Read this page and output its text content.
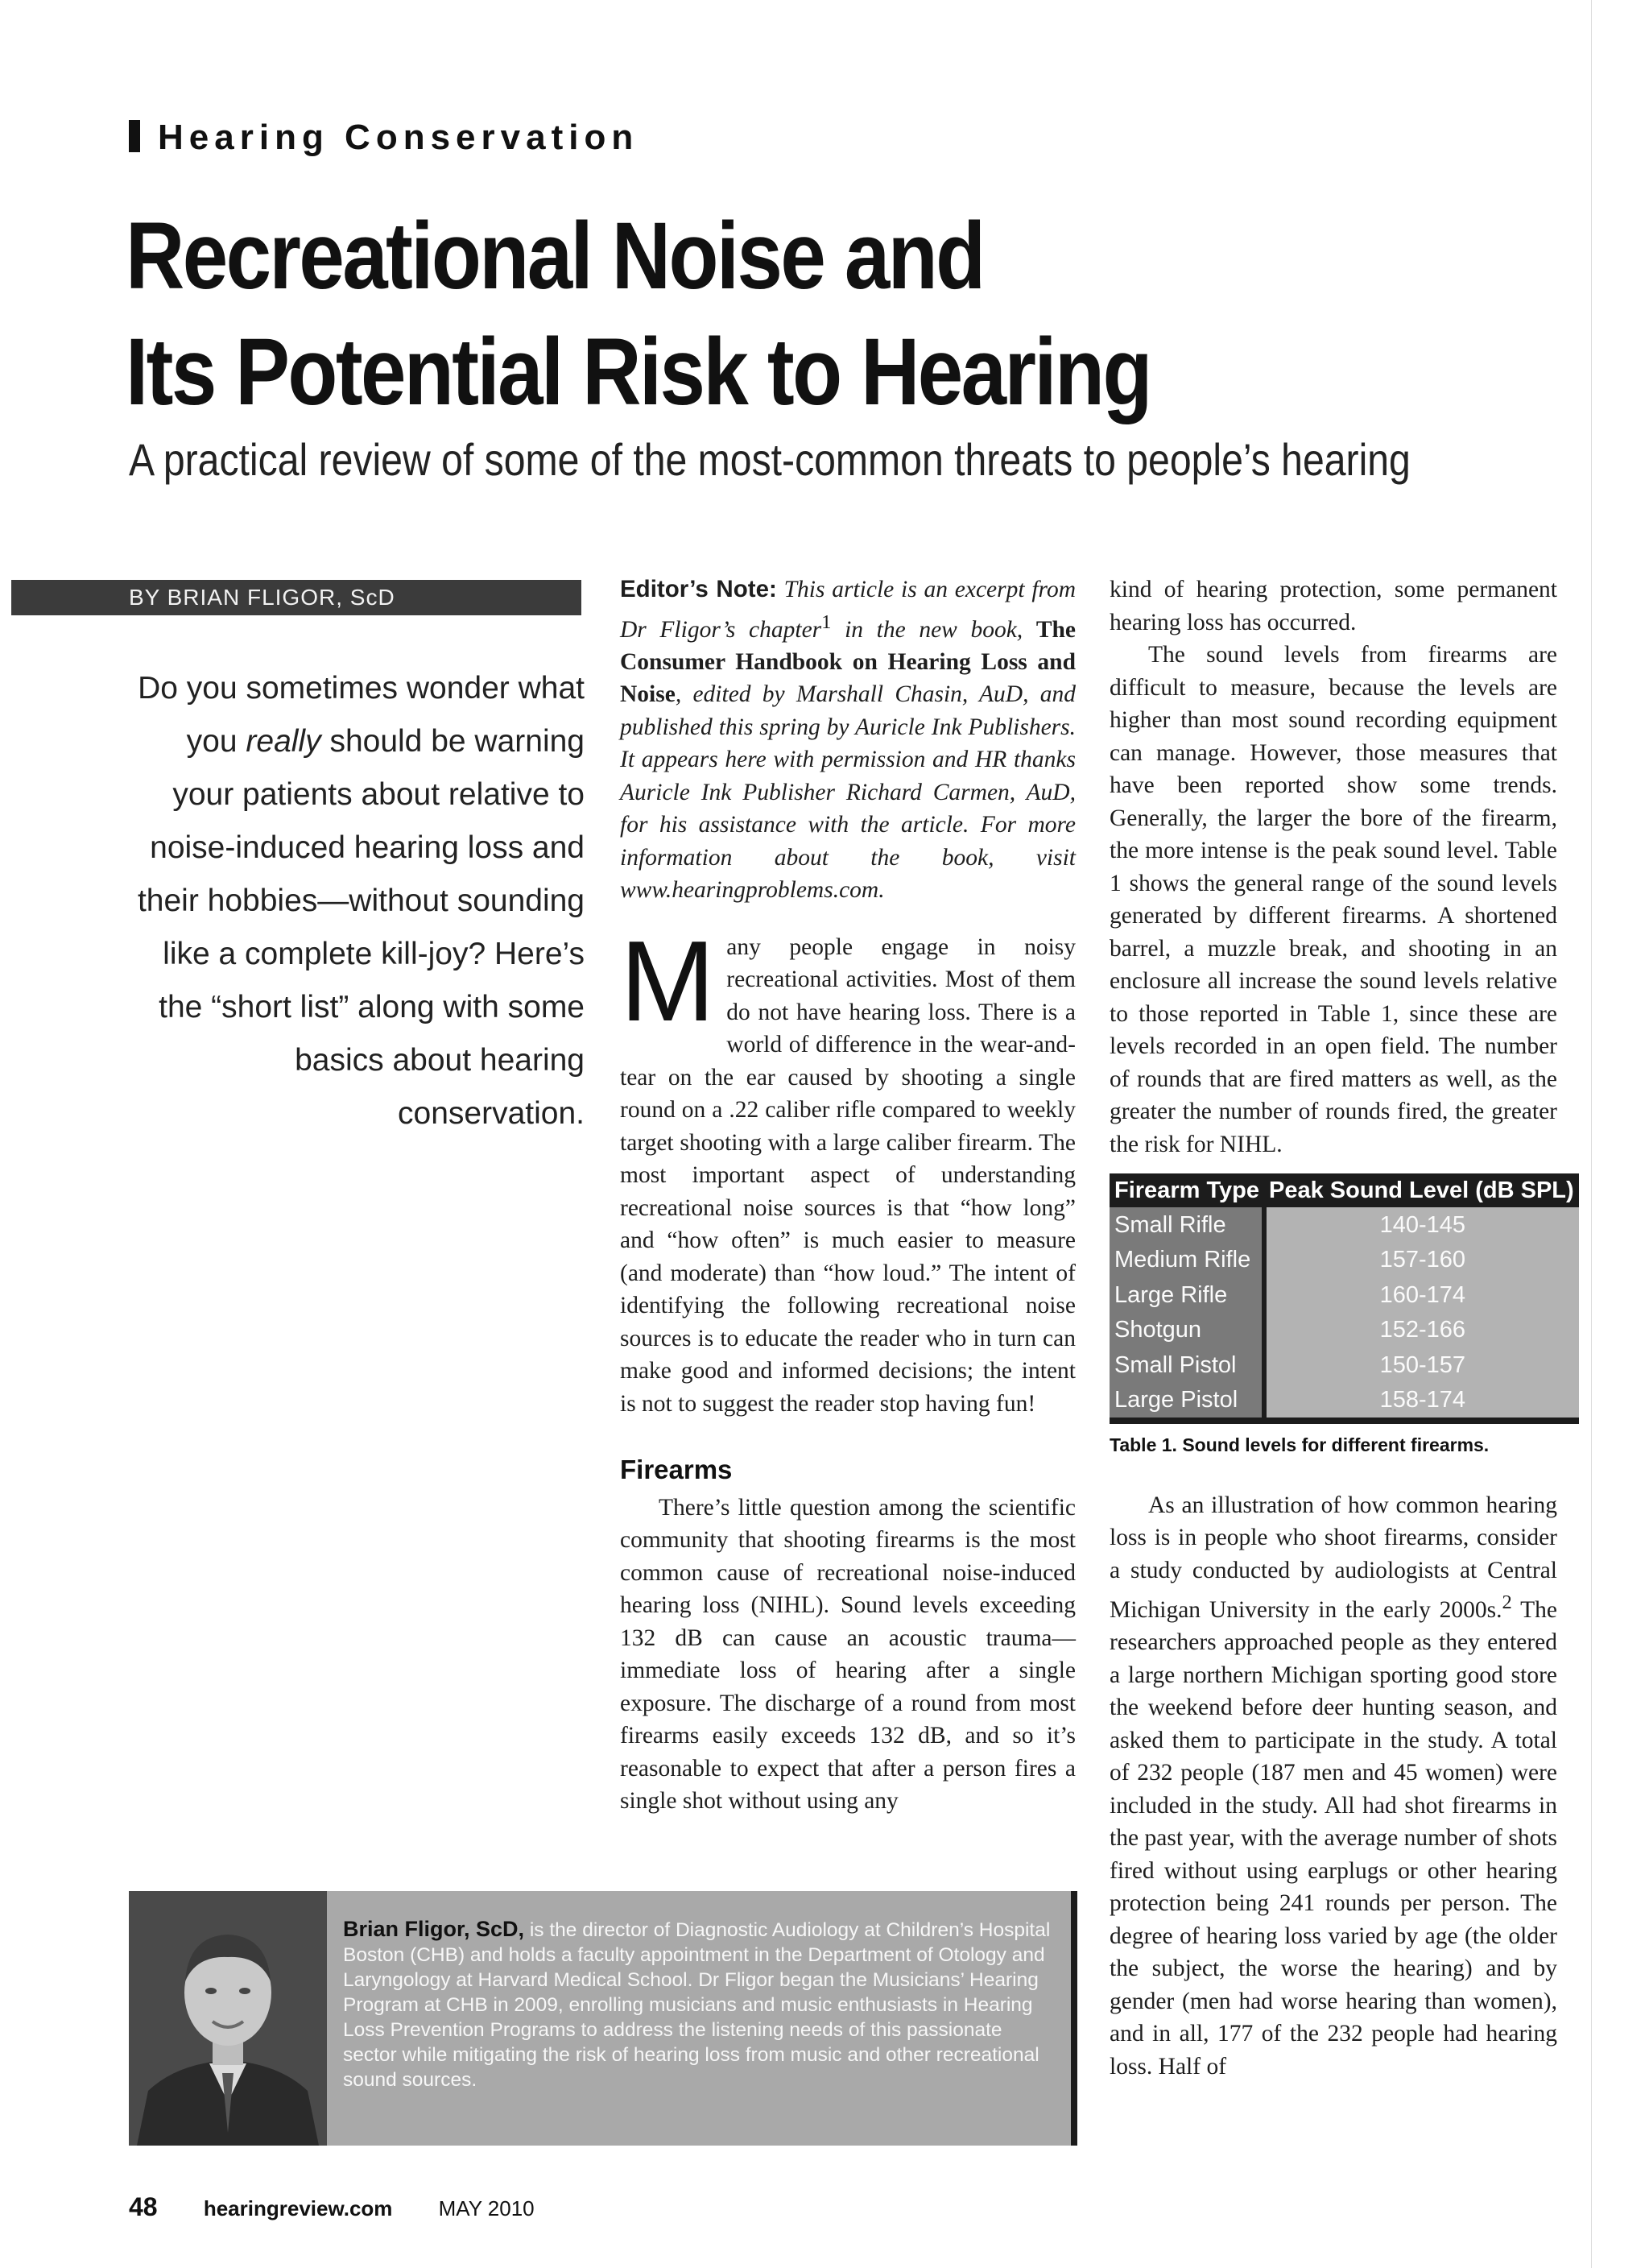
Hearing Conservation
Recreational Noise and
Its Potential Risk to Hearing
A practical review of some of the most-common threats to people’s hearing
BY BRIAN FLIGOR, ScD
Do you sometimes wonder what you really should be warning your patients about relative to noise-induced hearing loss and their hobbies—without sounding like a complete kill-joy? Here’s the “short list” along with some basics about hearing conservation.

Editor’s Note: This article is an excerpt from Dr Fligor’s chapter$^1$ in the new book, The Consumer Handbook on Hearing Loss and Noise, edited by Marshall Chasin, AuD, and published this spring by Auricle Ink Publishers. It appears here with permission and HR thanks Auricle Ink Publisher Richard Carmen, AuD, for his assistance with the article. For more information about the book, visit www.hearingproblems.com.

Many people engage in noisy recreational activities. Most of them do not have hearing loss. There is a world of difference in the wear-and-tear on the ear caused by shooting a single round on a .22 caliber rifle compared to weekly target shooting with a large caliber firearm. The most important aspect of understanding recreational noise sources is that “how long” and “how often” is much easier to measure (and moderate) than “how loud.” The intent of identifying the following recreational noise sources is to educate the reader who in turn can make good and informed decisions; the intent is not to suggest the reader stop having fun!

Firearms

There’s little question among the scientific community that shooting firearms is the most common cause of recreational noise-induced hearing loss (NIHL). Sound levels exceeding 132 dB can cause an acoustic trauma—immediate loss of hearing after a single exposure. The discharge of a round from most firearms easily exceeds 132 dB, and so it’s reasonable to expect that after a person fires a single shot without using any

kind of hearing protection, some permanent hearing loss has occurred.

The sound levels from firearms are difficult to measure, because the levels are higher than most sound recording equipment can manage. However, those measures that have been reported show some trends. Generally, the larger the bore of the firearm, the more intense is the peak sound level. Table 1 shows the general range of the sound levels generated by different firearms. A shortened barrel, a muzzle break, and shooting in an enclosure all increase the sound levels relative to those reported in Table 1, since these are levels recorded in an open field. The number of rounds that are fired matters as well, as the greater the number of rounds fired, the greater the risk for NIHL.

Firearm Type	Peak Sound Level (dB SPL)
Small Rifle	140-145
Medium Rifle	157-160
Large Rifle	160-174
Shotgun	152-166
Small Pistol	150-157
Large Pistol	158-174
Table 1. Sound levels for different firearms.

As an illustration of how common hearing loss is in people who shoot firearms, consider a study conducted by audiologists at Central Michigan University in the early 2000s.$^2$ The researchers approached people as they entered a large northern Michigan sporting good store the weekend before deer hunting season, and asked them to participate in the study. A total of 232 people (187 men and 45 women) were included in the study. All had shot firearms in the past year, with the average number of shots fired without using earplugs or other hearing protection being 241 rounds per person. The degree of hearing loss varied by age (the older the subject, the worse the hearing) and by gender (men had worse hearing than women), and in all, 177 of the 232 people had hearing loss. Half of

Brian Fligor, ScD, is the director of Diagnostic Audiology at Children’s Hospital Boston (CHB) and holds a faculty appointment in the Department of Otology and Laryngology at Harvard Medical School. Dr Fligor began the Musicians’ Hearing Program at CHB in 2009, enrolling musicians and music enthusiasts in Hearing Loss Prevention Programs to address the listening needs of this passionate sector while mitigating the risk of hearing loss from music and other recreational sound sources.
48 hearingreview.com MAY 2010
